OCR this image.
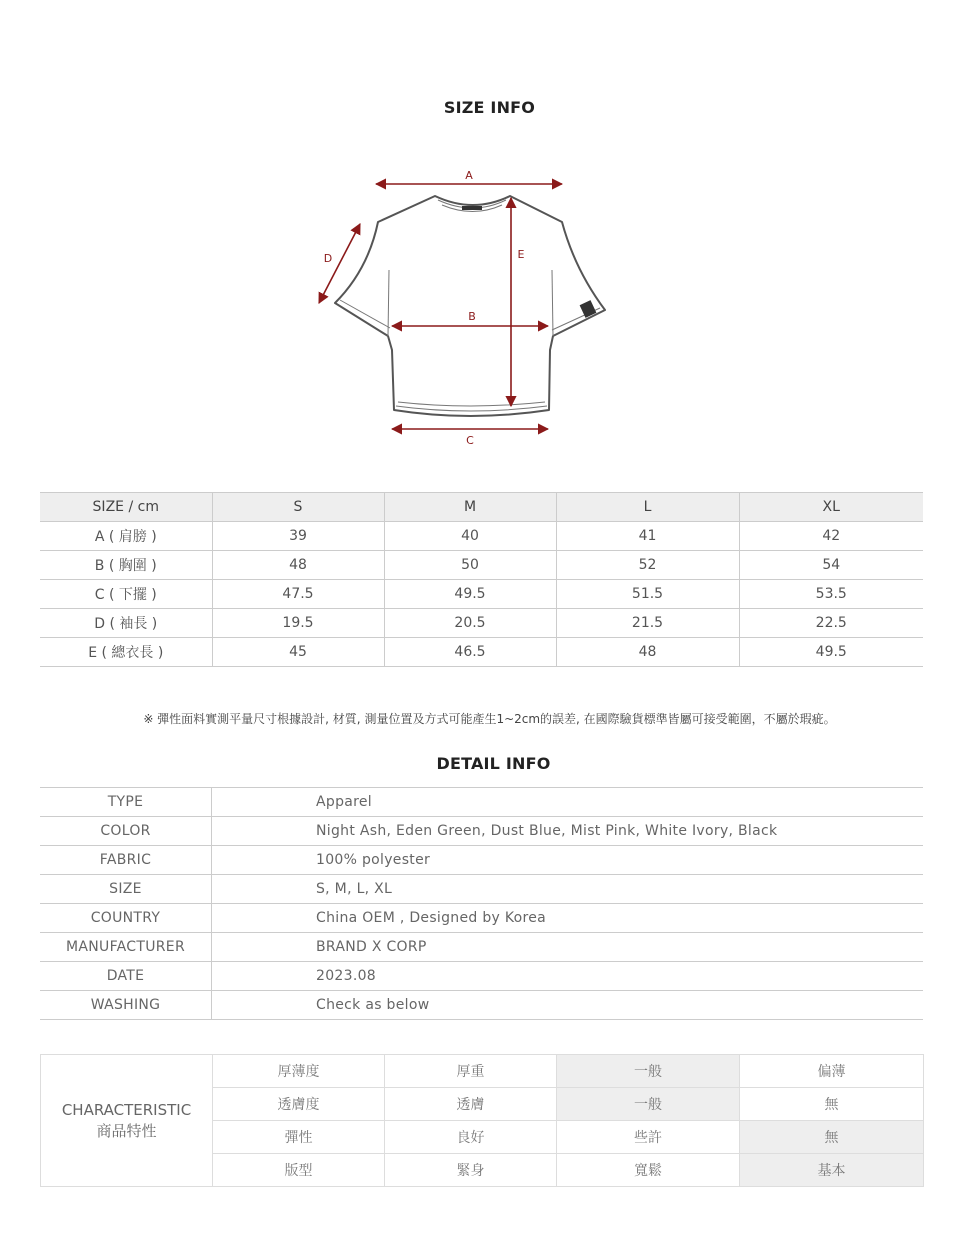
SIZE INFO
A
B
C
D	E
SIZE / cm	S	M	L	XL
A ( 肩膀 )	39	40	41	42
B ( 胸圍 )	48	50	52	54
C ( 下擺 )	47.5	49.5	51.5	53.5
D ( 袖長 )	19.5	20.5	21.5	22.5
E ( 總衣長 )	45	46.5	48	49.5
※ 彈性面料實測平量尺寸根據設計, 材質, 測量位置及方式可能產生1~2cm的誤差, 在國際驗貨標準皆屬可接受範圍，不屬於瑕疵。
DETAIL INFO
TYPE	Apparel
COLOR	Night Ash, Eden Green, Dust Blue, Mist Pink, White Ivory, Black
FABRIC	100% polyester
SIZE	S, M, L, XL
COUNTRY	China OEM , Designed by Korea
MANUFACTURER	BRAND X CORP
DATE	2023.08
WASHING	Check as below
CHARACTERISTIC
商品特性	厚薄度	厚重	一般	偏薄
	透膚度	透膚	一般	無
	彈性	良好	些許	無
	版型	緊身	寬鬆	基本
